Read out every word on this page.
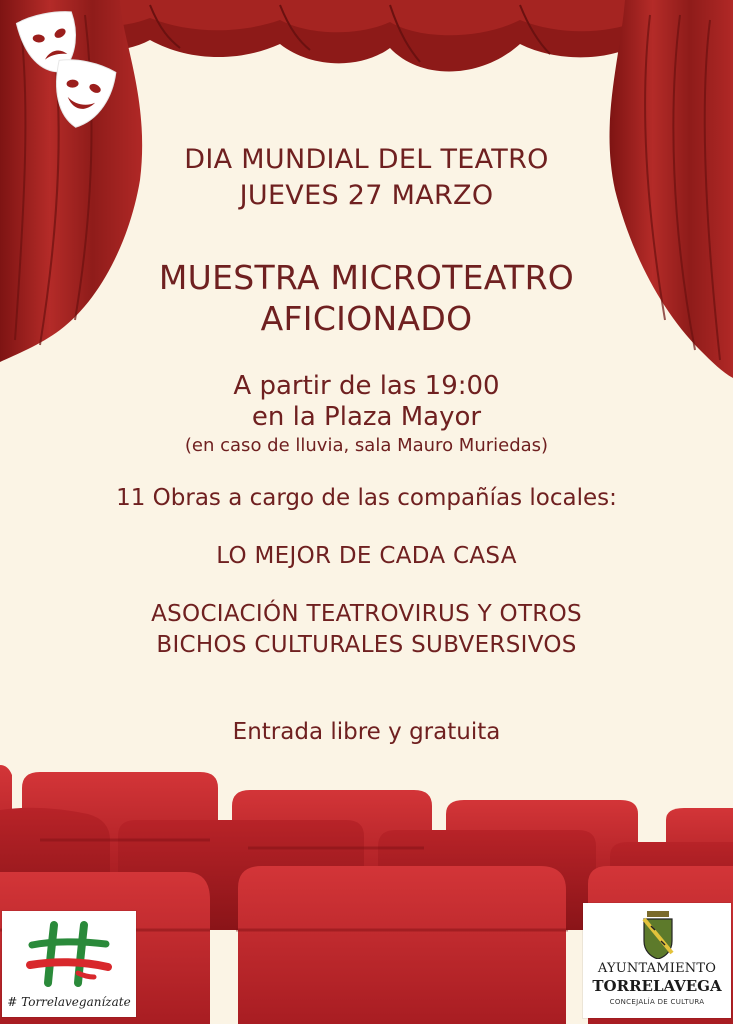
DIA MUNDIAL DEL TEATRO
JUEVES 27 MARZO
MUESTRA MICROTEATRO
AFICIONADO
A partir de las 19:00
en la Plaza Mayor
(en caso de lluvia, sala Mauro Muriedas)
11 Obras a cargo de las compañías locales:
LO MEJOR DE CADA CASA
ASOCIACIÓN TEATROVIRUS Y OTROS
BICHOS CULTURALES SUBVERSIVOS
Entrada libre y gratuita
# Torrelaveganízate
AYUNTAMIENTO
TORRELAVEGA
CONCEJALÍA DE CULTURA
